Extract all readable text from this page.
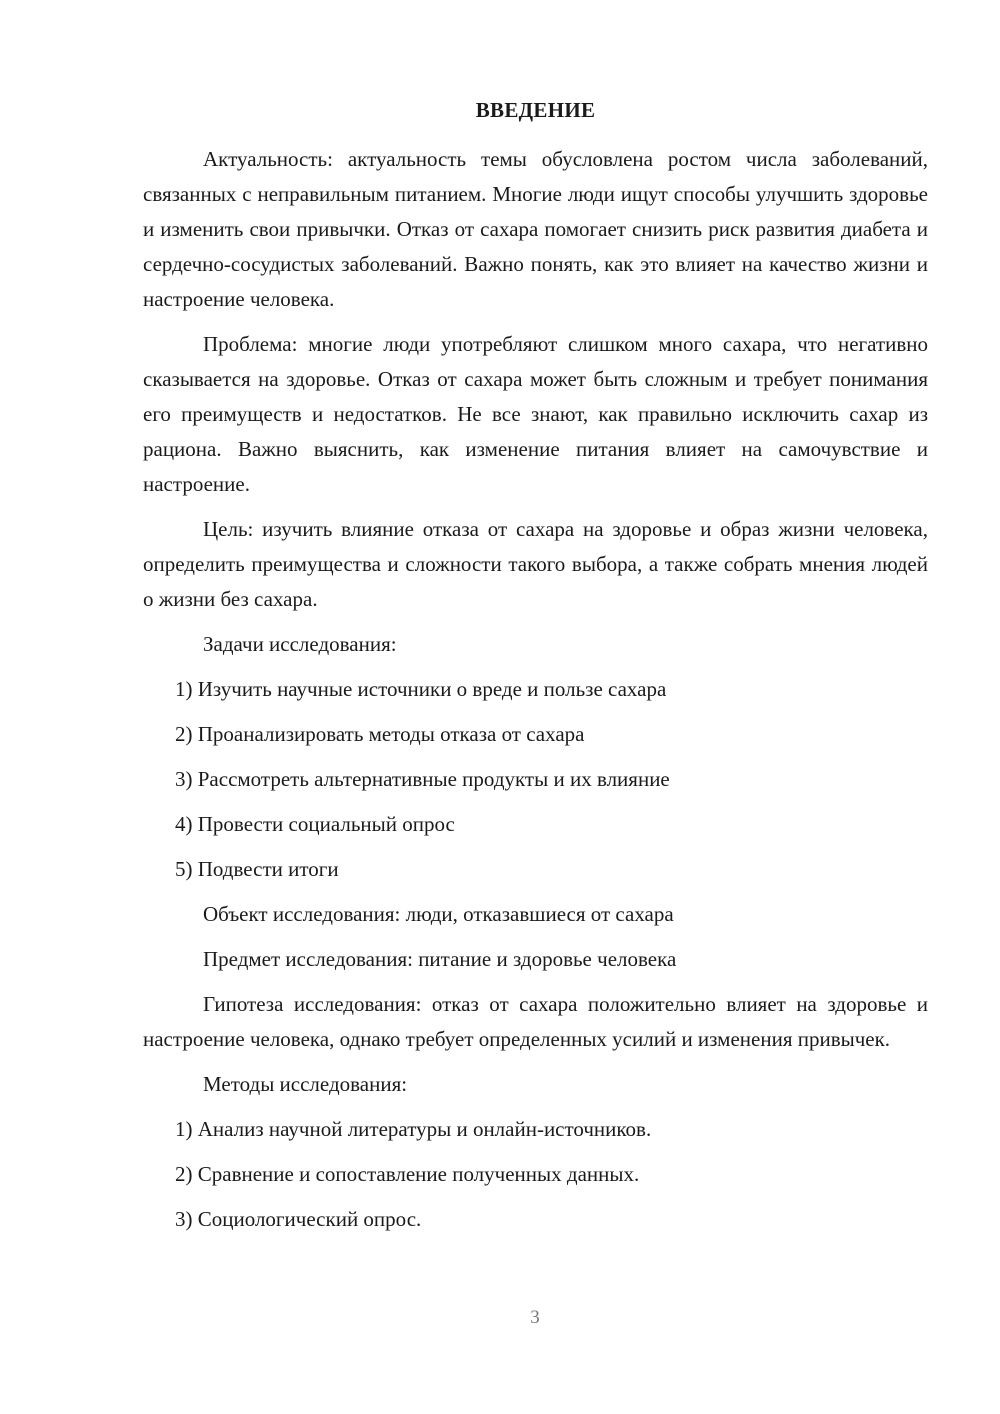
ВВЕДЕНИЕ

Актуальность: актуальность темы обусловлена ростом числа заболеваний, связанных с неправильным питанием. Многие люди ищут способы улучшить здоровье и изменить свои привычки. Отказ от сахара помогает снизить риск развития диабета и сердечно-сосудистых заболеваний. Важно понять, как это влияет на качество жизни и настроение человека.

Проблема: многие люди употребляют слишком много сахара, что негативно сказывается на здоровье. Отказ от сахара может быть сложным и требует понимания его преимуществ и недостатков. Не все знают, как правильно исключить сахар из рациона. Важно выяснить, как изменение питания влияет на самочувствие и настроение.

Цель: изучить влияние отказа от сахара на здоровье и образ жизни человека, определить преимущества и сложности такого выбора, а также собрать мнения людей о жизни без сахара.

Задачи исследования:

1) Изучить научные источники о вреде и пользе сахара

2) Проанализировать методы отказа от сахара

3) Рассмотреть альтернативные продукты и их влияние

4) Провести социальный опрос

5) Подвести итоги

Объект исследования: люди, отказавшиеся от сахара

Предмет исследования: питание и здоровье человека

Гипотеза исследования: отказ от сахара положительно влияет на здоровье и настроение человека, однако требует определенных усилий и изменения привычек.

Методы исследования:

1) Анализ научной литературы и онлайн-источников.

2) Сравнение и сопоставление полученных данных.

3) Социологический опрос.

3
